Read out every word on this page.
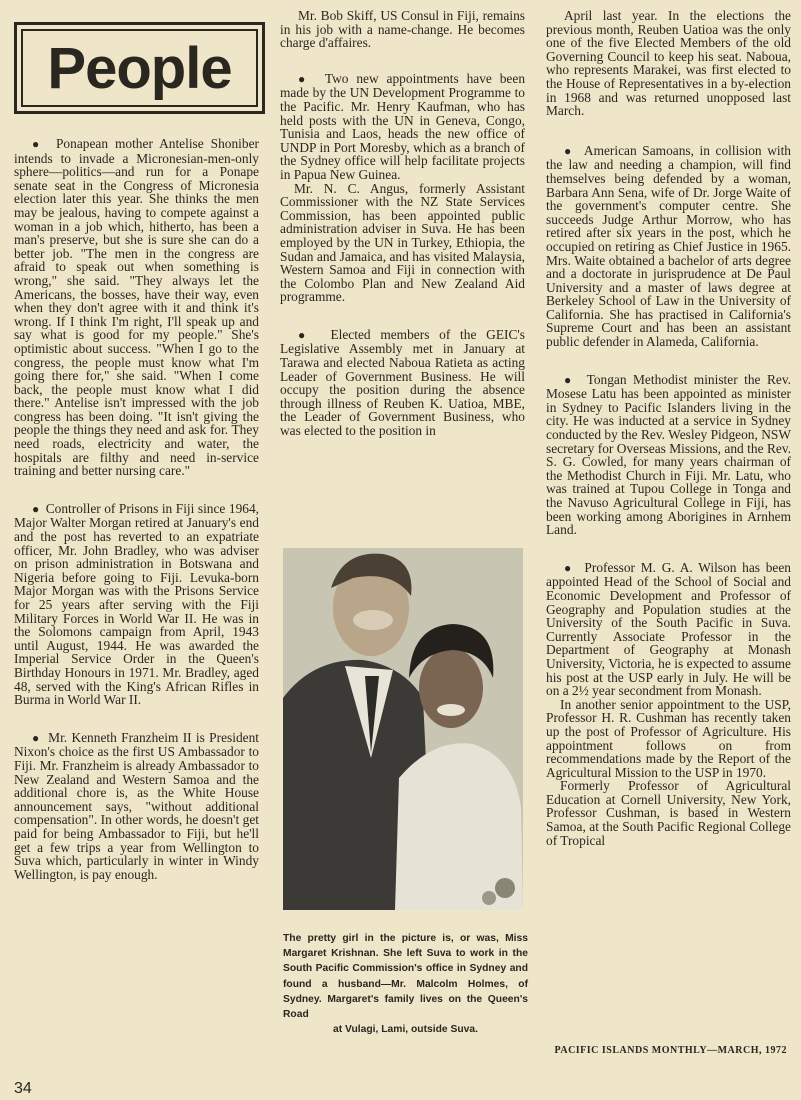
People

●  Ponapean mother Antelise Shoniber intends to invade a Micronesian-men-only sphere—politics—and run for a Ponape senate seat in the Congress of Micronesia election later this year. She thinks the men may be jealous, having to compete against a woman in a job which, hitherto, has been a man's preserve, but she is sure she can do a better job. "The men in the congress are afraid to speak out when something is wrong," she said. "They always let the Americans, the bosses, have their way, even when they don't agree with it and think it's wrong. If I think I'm right, I'll speak up and say what is good for my people." She's optimistic about success. "When I go to the congress, the people must know what I'm going there for," she said. "When I come back, the people must know what I did there." Antelise isn't impressed with the job congress has been doing. "It isn't giving the people the things they need and ask for. They need roads, electricity and water, the hospitals are filthy and need in-service training and better nursing care."

●  Controller of Prisons in Fiji since 1964, Major Walter Morgan retired at January's end and the post has reverted to an expatriate officer, Mr. John Bradley, who was adviser on prison administration in Botswana and Nigeria before going to Fiji. Levuka-born Major Morgan was with the Prisons Service for 25 years after serving with the Fiji Military Forces in World War II. He was in the Solomons campaign from April, 1943 until August, 1944. He was awarded the Imperial Service Order in the Queen's Birthday Honours in 1971. Mr. Bradley, aged 48, served with the King's African Rifles in Burma in World War II.

●  Mr. Kenneth Franzheim II is President Nixon's choice as the first US Ambassador to Fiji. Mr. Franzheim is already Ambassador to New Zealand and Western Samoa and the additional chore is, as the White House announcement says, "without additional compensation". In other words, he doesn't get paid for being Ambassador to Fiji, but he'll get a few trips a year from Wellington to Suva which, particularly in winter in Windy Wellington, is pay enough.

Mr. Bob Skiff, US Consul in Fiji, remains in his job with a name-change. He becomes charge d'affaires.

●  Two new appointments have been made by the UN Development Programme to the Pacific. Mr. Henry Kaufman, who has held posts with the UN in Geneva, Congo, Tunisia and Laos, heads the new office of UNDP in Port Moresby, which as a branch of the Sydney office will help facilitate projects in Papua New Guinea.

Mr. N. C. Angus, formerly Assistant Commissioner with the NZ State Services Commission, has been appointed public administration adviser in Suva. He has been employed by the UN in Turkey, Ethiopia, the Sudan and Jamaica, and has visited Malaysia, Western Samoa and Fiji in connection with the Colombo Plan and New Zealand Aid programme.

●  Elected members of the GEIC's Legislative Assembly met in January at Tarawa and elected Naboua Ratieta as acting Leader of Government Business. He will occupy the position during the absence through illness of Reuben K. Uatioa, MBE, the Leader of Government Business, who was elected to the position in

The pretty girl in the picture is, or was, Miss Margaret Krishnan. She left Suva to work in the South Pacific Commission's office in Sydney and found a husband—Mr. Malcolm Holmes, of Sydney. Margaret's family lives on the Queen's Road
at Vulagi, Lami, outside Suva.

April last year. In the elections the previous month, Reuben Uatioa was the only one of the five Elected Members of the old Governing Council to keep his seat. Naboua, who represents Marakei, was first elected to the House of Representatives in a by-election in 1968 and was returned unopposed last March.

●  American Samoans, in collision with the law and needing a champion, will find themselves being defended by a woman, Barbara Ann Sena, wife of Dr. Jorge Waite of the government's computer centre. She succeeds Judge Arthur Morrow, who has retired after six years in the post, which he occupied on retiring as Chief Justice in 1965. Mrs. Waite obtained a bachelor of arts degree and a doctorate in jurisprudence at De Paul University and a master of laws degree at Berkeley School of Law in the University of California. She has practised in California's Supreme Court and has been an assistant public defender in Alameda, California.

●  Tongan Methodist minister the Rev. Mosese Latu has been appointed as minister in Sydney to Pacific Islanders living in the city. He was inducted at a service in Sydney conducted by the Rev. Wesley Pidgeon, NSW secretary for Overseas Missions, and the Rev. S. G. Cowled, for many years chairman of the Methodist Church in Fiji. Mr. Latu, who was trained at Tupou College in Tonga and the Navuso Agricultural College in Fiji, has been working among Aborigines in Arnhem Land.

●  Professor M. G. A. Wilson has been appointed Head of the School of Social and Economic Development and Professor of Geography and Population studies at the University of the South Pacific in Suva. Currently Associate Professor in the Department of Geography at Monash University, Victoria, he is expected to assume his post at the USP early in July. He will be on a 2½ year secondment from Monash.

In another senior appointment to the USP, Professor H. R. Cushman has recently taken up the post of Professor of Agriculture. His appointment follows on from recommendations made by the Report of the Agricultural Mission to the USP in 1970.

Formerly Professor of Agricultural Education at Cornell University, New York, Professor Cushman, is based in Western Samoa, at the South Pacific Regional College of Tropical

PACIFIC ISLANDS MONTHLY—MARCH, 1972
34
